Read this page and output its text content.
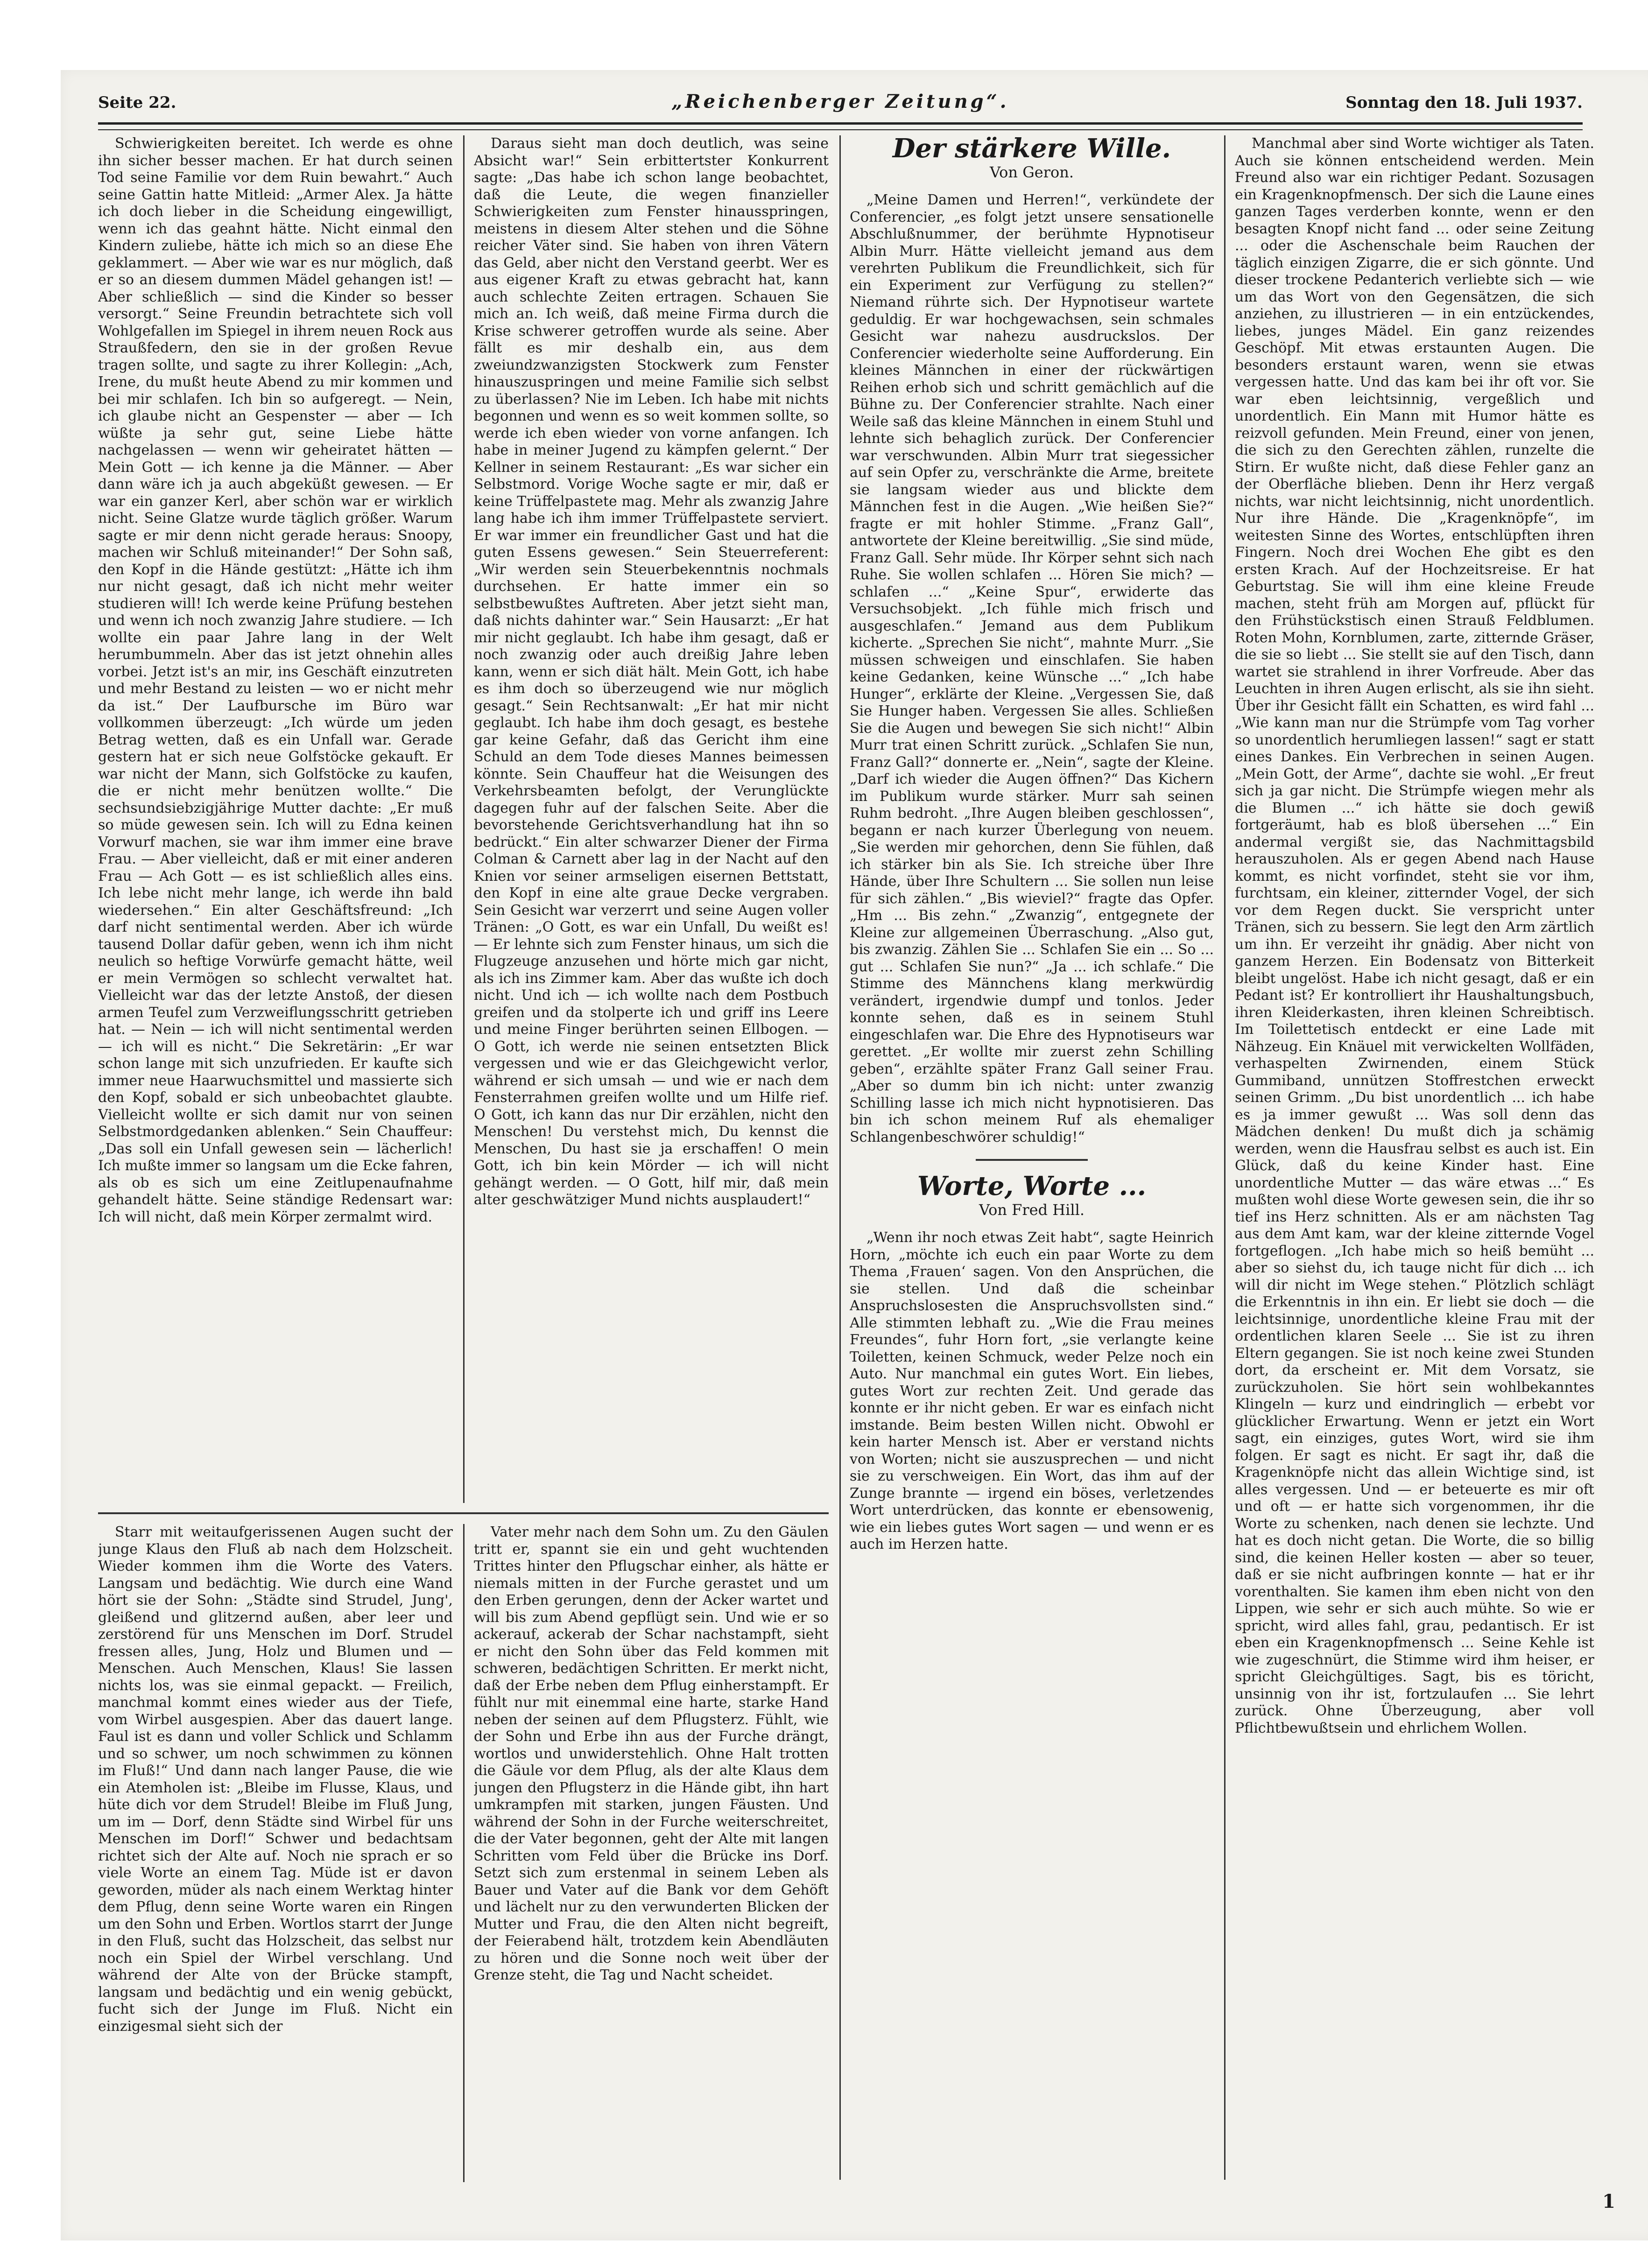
Seite 22.	„Reichenberger Zeitung“.	Sonntag den 18. Juli 1937.

Schwierigkeiten bereitet. Ich werde es ohne ihn sicher besser machen. Er hat durch seinen Tod seine Familie vor dem Ruin bewahrt.“ Auch seine Gattin hatte Mitleid: „Armer Alex. Ja hätte ich doch lieber in die Scheidung eingewilligt, wenn ich das geahnt hätte. Nicht einmal den Kindern zuliebe, hätte ich mich so an diese Ehe geklammert. — Aber wie war es nur möglich, daß er so an diesem dummen Mädel gehangen ist! — Aber schließlich — sind die Kinder so besser versorgt.“ Seine Freundin betrachtete sich voll Wohlgefallen im Spiegel in ihrem neuen Rock aus Straußfedern, den sie in der großen Revue tragen sollte, und sagte zu ihrer Kollegin: „Ach, Irene, du mußt heute Abend zu mir kommen und bei mir schlafen. Ich bin so aufgeregt. — Nein, ich glaube nicht an Gespenster — aber — Ich wüßte ja sehr gut, seine Liebe hätte nachgelassen — wenn wir geheiratet hätten — Mein Gott — ich kenne ja die Männer. — Aber dann wäre ich ja auch abgeküßt gewesen. — Er war ein ganzer Kerl, aber schön war er wirklich nicht. Seine Glatze wurde täglich größer. Warum sagte er mir denn nicht gerade heraus: Snoopy, machen wir Schluß miteinander!“ Der Sohn saß, den Kopf in die Hände gestützt: „Hätte ich ihm nur nicht gesagt, daß ich nicht mehr weiter studieren will! Ich werde keine Prüfung bestehen und wenn ich noch zwanzig Jahre studiere. — Ich wollte ein paar Jahre lang in der Welt herumbummeln. Aber das ist jetzt ohnehin alles vorbei. Jetzt ist's an mir, ins Geschäft einzutreten und mehr Bestand zu leisten — wo er nicht mehr da ist.“ Der Laufbursche im Büro war vollkommen überzeugt: „Ich würde um jeden Betrag wetten, daß es ein Unfall war. Gerade gestern hat er sich neue Golfstöcke gekauft. Er war nicht der Mann, sich Golfstöcke zu kaufen, die er nicht mehr benützen wollte.“ Die sechsundsiebzigjährige Mutter dachte: „Er muß so müde gewesen sein. Ich will zu Edna keinen Vorwurf machen, sie war ihm immer eine brave Frau. — Aber vielleicht, daß er mit einer anderen Frau — Ach Gott — es ist schließlich alles eins. Ich lebe nicht mehr lange, ich werde ihn bald wiedersehen.“ Ein alter Geschäftsfreund: „Ich darf nicht sentimental werden. Aber ich würde tausend Dollar dafür geben, wenn ich ihm nicht neulich so heftige Vorwürfe gemacht hätte, weil er mein Vermögen so schlecht verwaltet hat. Vielleicht war das der letzte Anstoß, der diesen armen Teufel zum Verzweiflungsschritt getrieben hat. — Nein — ich will nicht sentimental werden — ich will es nicht.“ Die Sekretärin: „Er war schon lange mit sich unzufrieden. Er kaufte sich immer neue Haarwuchsmittel und massierte sich den Kopf, sobald er sich unbeobachtet glaubte. Vielleicht wollte er sich damit nur von seinen Selbstmordgedanken ablenken.“ Sein Chauffeur: „Das soll ein Unfall gewesen sein — lächerlich! Ich mußte immer so langsam um die Ecke fahren, als ob es sich um eine Zeitlupenaufnahme gehandelt hätte. Seine ständige Redensart war: Ich will nicht, daß mein Körper zermalmt wird.

Daraus sieht man doch deutlich, was seine Absicht war!“ Sein erbittertster Konkurrent sagte: „Das habe ich schon lange beobachtet, daß die Leute, die wegen finanzieller Schwierigkeiten zum Fenster hinausspringen, meistens in diesem Alter stehen und die Söhne reicher Väter sind. Sie haben von ihren Vätern das Geld, aber nicht den Verstand geerbt. Wer es aus eigener Kraft zu etwas gebracht hat, kann auch schlechte Zeiten ertragen. Schauen Sie mich an. Ich weiß, daß meine Firma durch die Krise schwerer getroffen wurde als seine. Aber fällt es mir deshalb ein, aus dem zweiundzwanzigsten Stockwerk zum Fenster hinauszuspringen und meine Familie sich selbst zu überlassen? Nie im Leben. Ich habe mit nichts begonnen und wenn es so weit kommen sollte, so werde ich eben wieder von vorne anfangen. Ich habe in meiner Jugend zu kämpfen gelernt.“ Der Kellner in seinem Restaurant: „Es war sicher ein Selbstmord. Vorige Woche sagte er mir, daß er keine Trüffelpastete mag. Mehr als zwanzig Jahre lang habe ich ihm immer Trüffelpastete serviert. Er war immer ein freundlicher Gast und hat die guten Essens gewesen.“ Sein Steuerreferent: „Wir werden sein Steuerbekenntnis nochmals durchsehen. Er hatte immer ein so selbstbewußtes Auftreten. Aber jetzt sieht man, daß nichts dahinter war.“ Sein Hausarzt: „Er hat mir nicht geglaubt. Ich habe ihm gesagt, daß er noch zwanzig oder auch dreißig Jahre leben kann, wenn er sich diät hält. Mein Gott, ich habe es ihm doch so überzeugend wie nur möglich gesagt.“ Sein Rechtsanwalt: „Er hat mir nicht geglaubt. Ich habe ihm doch gesagt, es bestehe gar keine Gefahr, daß das Gericht ihm eine Schuld an dem Tode dieses Mannes beimessen könnte. Sein Chauffeur hat die Weisungen des Verkehrsbeamten befolgt, der Verunglückte dagegen fuhr auf der falschen Seite. Aber die bevorstehende Gerichtsverhandlung hat ihn so bedrückt.“ Ein alter schwarzer Diener der Firma Colman & Carnett aber lag in der Nacht auf den Knien vor seiner armseligen eisernen Bettstatt, den Kopf in eine alte graue Decke vergraben. Sein Gesicht war verzerrt und seine Augen voller Tränen: „O Gott, es war ein Unfall, Du weißt es! — Er lehnte sich zum Fenster hinaus, um sich die Flugzeuge anzusehen und hörte mich gar nicht, als ich ins Zimmer kam. Aber das wußte ich doch nicht. Und ich — ich wollte nach dem Postbuch greifen und da stolperte ich und griff ins Leere und meine Finger berührten seinen Ellbogen. — O Gott, ich werde nie seinen entsetzten Blick vergessen und wie er das Gleichgewicht verlor, während er sich umsah — und wie er nach dem Fensterrahmen greifen wollte und um Hilfe rief. O Gott, ich kann das nur Dir erzählen, nicht den Menschen! Du verstehst mich, Du kennst die Menschen, Du hast sie ja erschaffen! O mein Gott, ich bin kein Mörder — ich will nicht gehängt werden. — O Gott, hilf mir, daß mein alter geschwätziger Mund nichts ausplaudert!“

Starr mit weitaufgerissenen Augen sucht der junge Klaus den Fluß ab nach dem Holzscheit. Wieder kommen ihm die Worte des Vaters. Langsam und bedächtig. Wie durch eine Wand hört sie der Sohn: „Städte sind Strudel, Jung', gleißend und glitzernd außen, aber leer und zerstörend für uns Menschen im Dorf. Strudel fressen alles, Jung, Holz und Blumen und — Menschen. Auch Menschen, Klaus! Sie lassen nichts los, was sie einmal gepackt. — Freilich, manchmal kommt eines wieder aus der Tiefe, vom Wirbel ausgespien. Aber das dauert lange. Faul ist es dann und voller Schlick und Schlamm und so schwer, um noch schwimmen zu können im Fluß!“ Und dann nach langer Pause, die wie ein Atemholen ist: „Bleibe im Flusse, Klaus, und hüte dich vor dem Strudel! Bleibe im Fluß Jung, um im — Dorf, denn Städte sind Wirbel für uns Menschen im Dorf!“ Schwer und bedachtsam richtet sich der Alte auf. Noch nie sprach er so viele Worte an einem Tag. Müde ist er davon geworden, müder als nach einem Werktag hinter dem Pflug, denn seine Worte waren ein Ringen um den Sohn und Erben. Wortlos starrt der Junge in den Fluß, sucht das Holzscheit, das selbst nur noch ein Spiel der Wirbel verschlang. Und während der Alte von der Brücke stampft, langsam und bedächtig und ein wenig gebückt, fucht sich der Junge im Fluß. Nicht ein einzigesmal sieht sich der

Vater mehr nach dem Sohn um. Zu den Gäulen tritt er, spannt sie ein und geht wuchtenden Trittes hinter den Pflugschar einher, als hätte er niemals mitten in der Furche gerastet und um den Erben gerungen, denn der Acker wartet und will bis zum Abend gepflügt sein. Und wie er so ackerauf, ackerab der Schar nachstampft, sieht er nicht den Sohn über das Feld kommen mit schweren, bedächtigen Schritten. Er merkt nicht, daß der Erbe neben dem Pflug einherstampft. Er fühlt nur mit einemmal eine harte, starke Hand neben der seinen auf dem Pflugsterz. Fühlt, wie der Sohn und Erbe ihn aus der Furche drängt, wortlos und unwiderstehlich. Ohne Halt trotten die Gäule vor dem Pflug, als der alte Klaus dem jungen den Pflugsterz in die Hände gibt, ihn hart umkrampfen mit starken, jungen Fäusten. Und während der Sohn in der Furche weiterschreitet, die der Vater begonnen, geht der Alte mit langen Schritten vom Feld über die Brücke ins Dorf. Setzt sich zum erstenmal in seinem Leben als Bauer und Vater auf die Bank vor dem Gehöft und lächelt nur zu den verwunderten Blicken der Mutter und Frau, die den Alten nicht begreift, der Feierabend hält, trotzdem kein Abendläuten zu hören und die Sonne noch weit über der Grenze steht, die Tag und Nacht scheidet.

Der stärkere Wille.
Von Geron.

„Meine Damen und Herren!“, verkündete der Conferencier, „es folgt jetzt unsere sensationelle Abschlußnummer, der berühmte Hypnotiseur Albin Murr. Hätte vielleicht jemand aus dem verehrten Publikum die Freundlichkeit, sich für ein Experiment zur Verfügung zu stellen?“ Niemand rührte sich. Der Hypnotiseur wartete geduldig. Er war hochgewachsen, sein schmales Gesicht war nahezu ausdruckslos. Der Conferencier wiederholte seine Aufforderung. Ein kleines Männchen in einer der rückwärtigen Reihen erhob sich und schritt gemächlich auf die Bühne zu. Der Conferencier strahlte. Nach einer Weile saß das kleine Männchen in einem Stuhl und lehnte sich behaglich zurück. Der Conferencier war verschwunden. Albin Murr trat siegessicher auf sein Opfer zu, verschränkte die Arme, breitete sie langsam wieder aus und blickte dem Männchen fest in die Augen. „Wie heißen Sie?“ fragte er mit hohler Stimme. „Franz Gall“, antwortete der Kleine bereitwillig. „Sie sind müde, Franz Gall. Sehr müde. Ihr Körper sehnt sich nach Ruhe. Sie wollen schlafen ... Hören Sie mich? — schlafen ...“ „Keine Spur“, erwiderte das Versuchsobjekt. „Ich fühle mich frisch und ausgeschlafen.“ Jemand aus dem Publikum kicherte. „Sprechen Sie nicht“, mahnte Murr. „Sie müssen schweigen und einschlafen. Sie haben keine Gedanken, keine Wünsche ...“ „Ich habe Hunger“, erklärte der Kleine. „Vergessen Sie, daß Sie Hunger haben. Vergessen Sie alles. Schließen Sie die Augen und bewegen Sie sich nicht!“ Albin Murr trat einen Schritt zurück. „Schlafen Sie nun, Franz Gall?“ donnerte er. „Nein“, sagte der Kleine. „Darf ich wieder die Augen öffnen?“ Das Kichern im Publikum wurde stärker. Murr sah seinen Ruhm bedroht. „Ihre Augen bleiben geschlossen“, begann er nach kurzer Überlegung von neuem. „Sie werden mir gehorchen, denn Sie fühlen, daß ich stärker bin als Sie. Ich streiche über Ihre Hände, über Ihre Schultern ... Sie sollen nun leise für sich zählen.“ „Bis wieviel?“ fragte das Opfer. „Hm ... Bis zehn.“ „Zwanzig“, entgegnete der Kleine zur allgemeinen Überraschung. „Also gut, bis zwanzig. Zählen Sie ... Schlafen Sie ein ... So ... gut ... Schlafen Sie nun?“ „Ja ... ich schlafe.“ Die Stimme des Männchens klang merkwürdig verändert, irgendwie dumpf und tonlos. Jeder konnte sehen, daß es in seinem Stuhl eingeschlafen war. Die Ehre des Hypnotiseurs war gerettet. „Er wollte mir zuerst zehn Schilling geben“, erzählte später Franz Gall seiner Frau. „Aber so dumm bin ich nicht: unter zwanzig Schilling lasse ich mich nicht hypnotisieren. Das bin ich schon meinem Ruf als ehemaliger Schlangenbeschwörer schuldig!“

Worte, Worte ...
Von Fred Hill.

„Wenn ihr noch etwas Zeit habt“, sagte Heinrich Horn, „möchte ich euch ein paar Worte zu dem Thema ‚Frauen‘ sagen. Von den Ansprüchen, die sie stellen. Und daß die scheinbar Anspruchslosesten die Anspruchsvollsten sind.“ Alle stimmten lebhaft zu. „Wie die Frau meines Freundes“, fuhr Horn fort, „sie verlangte keine Toiletten, keinen Schmuck, weder Pelze noch ein Auto. Nur manchmal ein gutes Wort. Ein liebes, gutes Wort zur rechten Zeit. Und gerade das konnte er ihr nicht geben. Er war es einfach nicht imstande. Beim besten Willen nicht. Obwohl er kein harter Mensch ist. Aber er verstand nichts von Worten; nicht sie auszusprechen — und nicht sie zu verschweigen. Ein Wort, das ihm auf der Zunge brannte — irgend ein böses, verletzendes Wort unterdrücken, das konnte er ebensowenig, wie ein liebes gutes Wort sagen — und wenn er es auch im Herzen hatte.

Manchmal aber sind Worte wichtiger als Taten. Auch sie können entscheidend werden. Mein Freund also war ein richtiger Pedant. Sozusagen ein Kragenknopfmensch. Der sich die Laune eines ganzen Tages verderben konnte, wenn er den besagten Knopf nicht fand ... oder seine Zeitung ... oder die Aschenschale beim Rauchen der täglich einzigen Zigarre, die er sich gönnte. Und dieser trockene Pedanterich verliebte sich — wie um das Wort von den Gegensätzen, die sich anziehen, zu illustrieren — in ein entzückendes, liebes, junges Mädel. Ein ganz reizendes Geschöpf. Mit etwas erstaunten Augen. Die besonders erstaunt waren, wenn sie etwas vergessen hatte. Und das kam bei ihr oft vor. Sie war eben leichtsinnig, vergeßlich und unordentlich. Ein Mann mit Humor hätte es reizvoll gefunden. Mein Freund, einer von jenen, die sich zu den Gerechten zählen, runzelte die Stirn. Er wußte nicht, daß diese Fehler ganz an der Oberfläche blieben. Denn ihr Herz vergaß nichts, war nicht leichtsinnig, nicht unordentlich. Nur ihre Hände. Die „Kragenknöpfe“, im weitesten Sinne des Wortes, entschlüpften ihren Fingern. Noch drei Wochen Ehe gibt es den ersten Krach. Auf der Hochzeitsreise. Er hat Geburtstag. Sie will ihm eine kleine Freude machen, steht früh am Morgen auf, pflückt für den Frühstückstisch einen Strauß Feldblumen. Roten Mohn, Kornblumen, zarte, zitternde Gräser, die sie so liebt ... Sie stellt sie auf den Tisch, dann wartet sie strahlend in ihrer Vorfreude. Aber das Leuchten in ihren Augen erlischt, als sie ihn sieht. Über ihr Gesicht fällt ein Schatten, es wird fahl ... „Wie kann man nur die Strümpfe vom Tag vorher so unordentlich herumliegen lassen!“ sagt er statt eines Dankes. Ein Verbrechen in seinen Augen. „Mein Gott, der Arme“, dachte sie wohl. „Er freut sich ja gar nicht. Die Strümpfe wiegen mehr als die Blumen ...“ ich hätte sie doch gewiß fortgeräumt, hab es bloß übersehen ...“ Ein andermal vergißt sie, das Nachmittagsbild herauszuholen. Als er gegen Abend nach Hause kommt, es nicht vorfindet, steht sie vor ihm, furchtsam, ein kleiner, zitternder Vogel, der sich vor dem Regen duckt. Sie verspricht unter Tränen, sich zu bessern. Sie legt den Arm zärtlich um ihn. Er verzeiht ihr gnädig. Aber nicht von ganzem Herzen. Ein Bodensatz von Bitterkeit bleibt ungelöst. Habe ich nicht gesagt, daß er ein Pedant ist? Er kontrolliert ihr Haushaltungsbuch, ihren Kleiderkasten, ihren kleinen Schreibtisch. Im Toilettetisch entdeckt er eine Lade mit Nähzeug. Ein Knäuel mit verwickelten Wollfäden, verhaspelten Zwirnenden, einem Stück Gummiband, unnützen Stoffrestchen erweckt seinen Grimm. „Du bist unordentlich ... ich habe es ja immer gewußt ... Was soll denn das Mädchen denken! Du mußt dich ja schämig werden, wenn die Hausfrau selbst es auch ist. Ein Glück, daß du keine Kinder hast. Eine unordentliche Mutter — das wäre etwas ...“ Es mußten wohl diese Worte gewesen sein, die ihr so tief ins Herz schnitten. Als er am nächsten Tag aus dem Amt kam, war der kleine zitternde Vogel fortgeflogen. „Ich habe mich so heiß bemüht ... aber so siehst du, ich tauge nicht für dich ... ich will dir nicht im Wege stehen.“ Plötzlich schlägt die Erkenntnis in ihn ein. Er liebt sie doch — die leichtsinnige, unordentliche kleine Frau mit der ordentlichen klaren Seele ... Sie ist zu ihren Eltern gegangen. Sie ist noch keine zwei Stunden dort, da erscheint er. Mit dem Vorsatz, sie zurückzuholen. Sie hört sein wohlbekanntes Klingeln — kurz und eindringlich — erbebt vor glücklicher Erwartung. Wenn er jetzt ein Wort sagt, ein einziges, gutes Wort, wird sie ihm folgen. Er sagt es nicht. Er sagt ihr, daß die Kragenknöpfe nicht das allein Wichtige sind, ist alles vergessen. Und — er beteuerte es mir oft und oft — er hatte sich vorgenommen, ihr die Worte zu schenken, nach denen sie lechzte. Und hat es doch nicht getan. Die Worte, die so billig sind, die keinen Heller kosten — aber so teuer, daß er sie nicht aufbringen konnte — hat er ihr vorenthalten. Sie kamen ihm eben nicht von den Lippen, wie sehr er sich auch mühte. So wie er spricht, wird alles fahl, grau, pedantisch. Er ist eben ein Kragenknopfmensch ... Seine Kehle ist wie zugeschnürt, die Stimme wird ihm heiser, er spricht Gleichgültiges. Sagt, bis es töricht, unsinnig von ihr ist, fortzulaufen ... Sie lehrt zurück. Ohne Überzeugung, aber voll Pflichtbewußtsein und ehrlichem Wollen.

1
